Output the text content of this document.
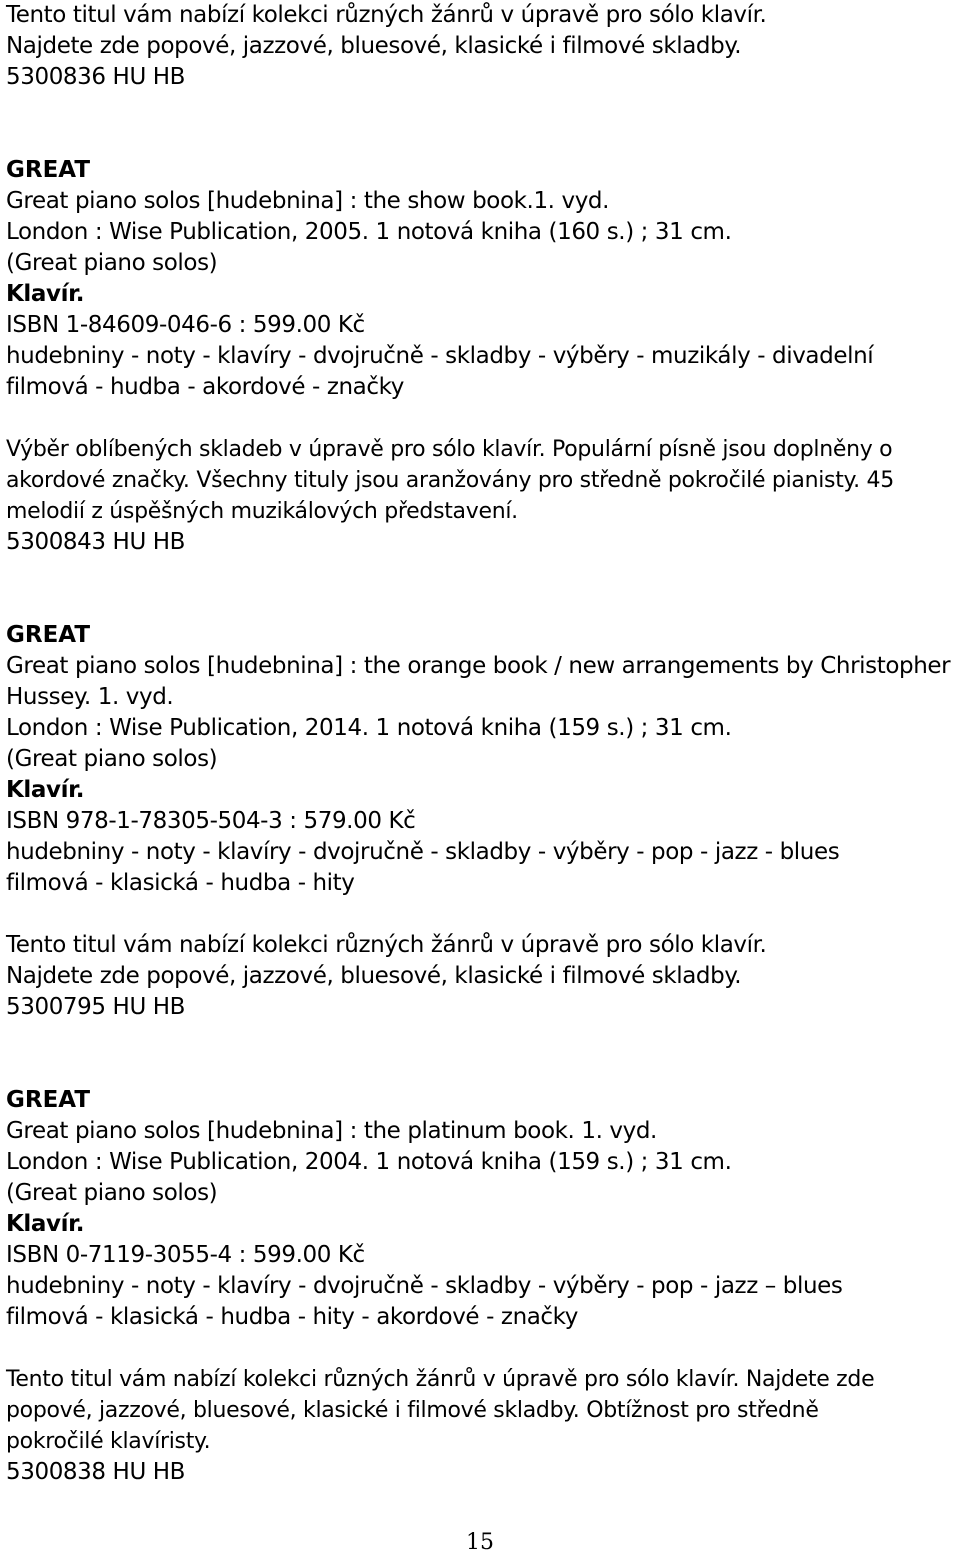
Tento titul vám nabízí kolekci různých žánrů v úpravě pro sólo klavír.
Najdete zde popové, jazzové, bluesové, klasické i filmové skladby.
5300836 HU HB
GREAT
Great piano solos [hudebnina] : the show book.1. vyd.
London : Wise Publication, 2005. 1 notová kniha (160 s.) ; 31 cm.
(Great piano solos)
Klavír.
ISBN 1-84609-046-6 : 599.00 Kč
hudebniny - noty - klavíry - dvojručně - skladby - výběry - muzikály - divadelní
filmová - hudba - akordové - značky
Výběr oblíbených skladeb v úpravě pro sólo klavír. Populární písně jsou doplněny o akordové značky. Všechny tituly jsou aranžovány pro středně pokročilé pianisty. 45 melodií z úspěšných muzikálových představení.
5300843 HU HB
GREAT
Great piano solos [hudebnina] : the orange book / new arrangements by Christopher
Hussey. 1. vyd.
London : Wise Publication, 2014. 1 notová kniha (159 s.) ; 31 cm.
(Great piano solos)
Klavír.
ISBN 978-1-78305-504-3 : 579.00 Kč
hudebniny - noty - klavíry - dvojručně - skladby - výběry - pop - jazz - blues
filmová - klasická - hudba - hity
Tento titul vám nabízí kolekci různých žánrů v úpravě pro sólo klavír.
Najdete zde popové, jazzové, bluesové, klasické i filmové skladby.
5300795 HU HB
GREAT
Great piano solos [hudebnina] : the platinum book. 1. vyd.
London : Wise Publication, 2004. 1 notová kniha (159 s.) ; 31 cm.
(Great piano solos)
Klavír.
ISBN 0-7119-3055-4 : 599.00 Kč
hudebniny - noty - klavíry - dvojručně - skladby - výběry - pop - jazz – blues
filmová - klasická - hudba - hity - akordové - značky
Tento titul vám nabízí kolekci různých žánrů v úpravě pro sólo klavír. Najdete zde popové, jazzové, bluesové, klasické i filmové skladby. Obtížnost pro středně pokročilé klavíristy.
5300838 HU HB
15
